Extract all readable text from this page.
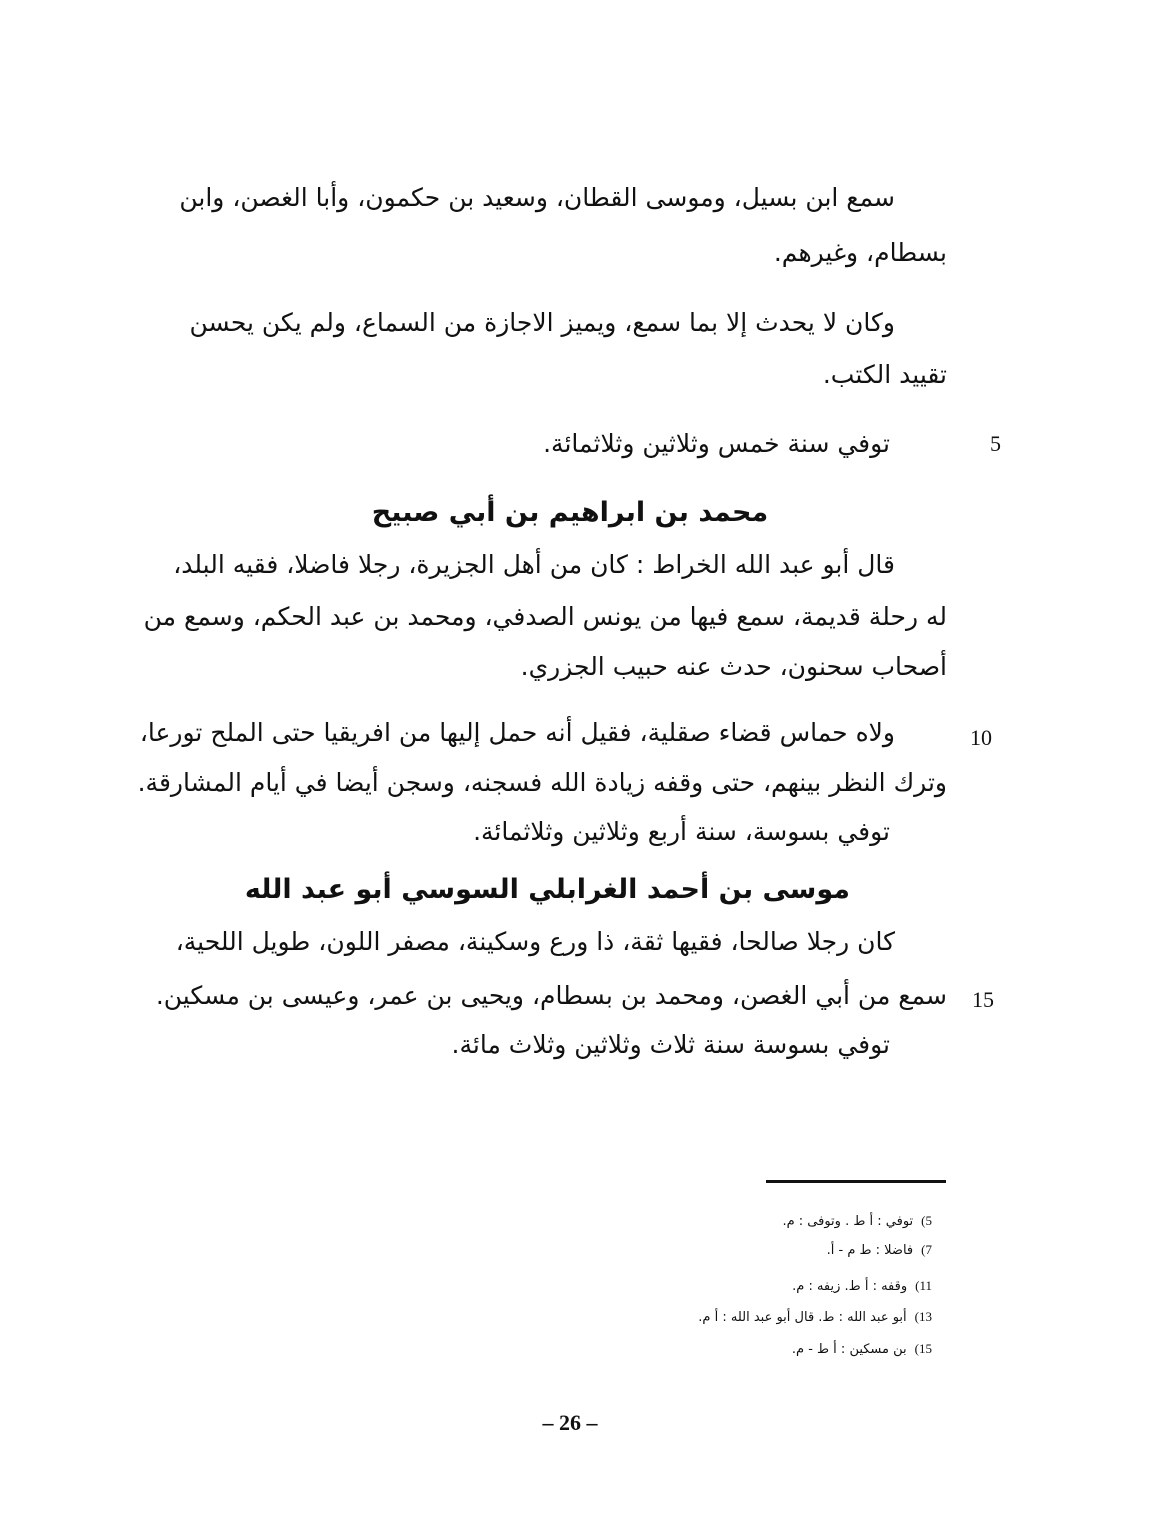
سمع ابن بسيل، وموسى القطان، وسعيد بن حكمون، وأبا الغصن، وابن
بسطام، وغيرهم.
وكان لا يحدث إلا بما سمع، ويميز الاجازة من السماع، ولم يكن يحسن
تقييد الكتب.
توفي سنة خمس وثلاثين وثلاثمائة.	5
محمد بن ابراهيم بن أبي صبيح
قال أبو عبد الله الخراط : كان من أهل الجزيرة، رجلا فاضلا، فقيه البلد،
له رحلة قديمة، سمع فيها من يونس الصدفي، ومحمد بن عبد الحكم، وسمع من
أصحاب سحنون، حدث عنه حبيب الجزري.
ولاه حماس قضاء صقلية، فقيل أنه حمل إليها من افريقيا حتى الملح تورعا،	10
وترك النظر بينهم، حتى وقفه زيادة الله فسجنه، وسجن أيضا في أيام المشارقة.
توفي بسوسة، سنة أربع وثلاثين وثلاثمائة.
موسى بن أحمد الغرابلي السوسي أبو عبد الله
كان رجلا صالحا، فقيها ثقة، ذا ورع وسكينة، مصفر اللون، طويل اللحية،
سمع من أبي الغصن، ومحمد بن بسطام، ويحيى بن عمر، وعيسى بن مسكين. 15
توفي بسوسة سنة ثلاث وثلاثين وثلاث مائة.
5)توفي : أ ط . وتوفى : م.
7)فاضلا : ط م - أ.
11)وقفه : أ ط. زيفه : م.
13)أبو عبد الله : ط. قال أبو عبد الله : أ م.
15)بن مسكين : أ ط - م.
– 26 –
